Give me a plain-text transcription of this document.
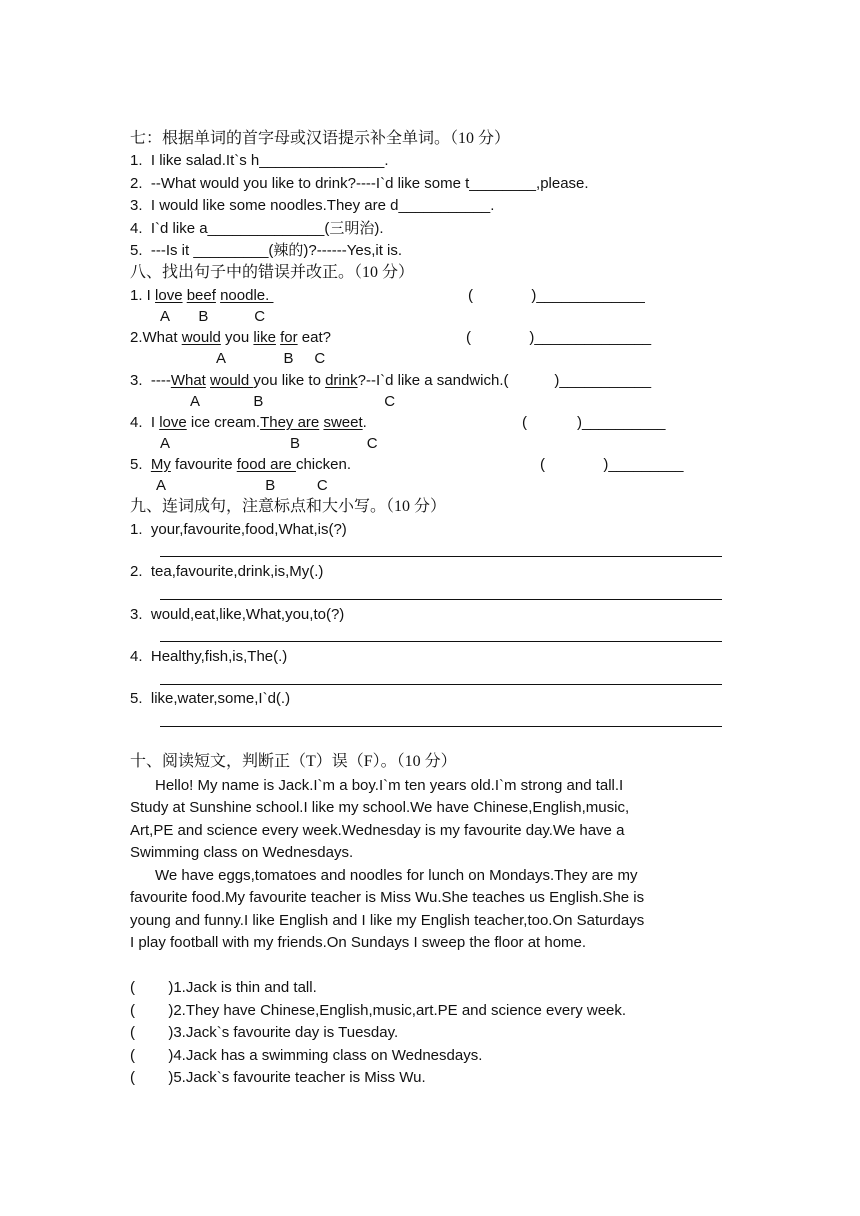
七：根据单词的首字母或汉语提示补全单词。（10 分）
1. I like salad.It`s h_______________.
2. --What would you like to drink?----I`d like some t________,please.
3. I would like some noodles.They are d___________.
4. I`d like a______________(三明治).
5. ---Is it _________(辣的)?------Yes,it is.
八、找出句子中的错误并改正。（10 分）
1. I love beef noodle.	(              )_____________
A       B           C
2.What would you like for eat?	(              )______________
A              B     C
3.  ----What would you like to drink?--I`d like a sandwich.(           )___________
A             B                             C
4.  I love ice cream.They are sweet.	(            )__________
A                             B                C
5.  My favourite food are chicken.	(              )_________
A                        B          C
九、连词成句，注意标点和大小写。（10 分）
1. your,favourite,food,What,is(?)
2. tea,favourite,drink,is,My(.)
3. would,eat,like,What,you,to(?)
4. Healthy,fish,is,The(.)
5. like,water,some,I`d(.)
十、阅读短文，判断正（T）误（F）。（10 分）
Hello! My name is Jack.I`m a boy.I`m ten years old.I`m strong and tall.I
Study at Sunshine school.I like my school.We have Chinese,English,music,
Art,PE and science every week.Wednesday is my favourite day.We have a
Swimming class on Wednesdays.
We have eggs,tomatoes and noodles for lunch on Mondays.They are my
favourite food.My favourite teacher is Miss Wu.She teaches us English.She is
young and funny.I like English and I like my English teacher,too.On Saturdays
I play football with my friends.On Sundays I sweep the floor at home.
(        )1.Jack is thin and tall.
(        )2.They have Chinese,English,music,art.PE and science every week.
(        )3.Jack`s favourite day is Tuesday.
(        )4.Jack has a swimming class on Wednesdays.
(        )5.Jack`s favourite teacher is Miss Wu.
